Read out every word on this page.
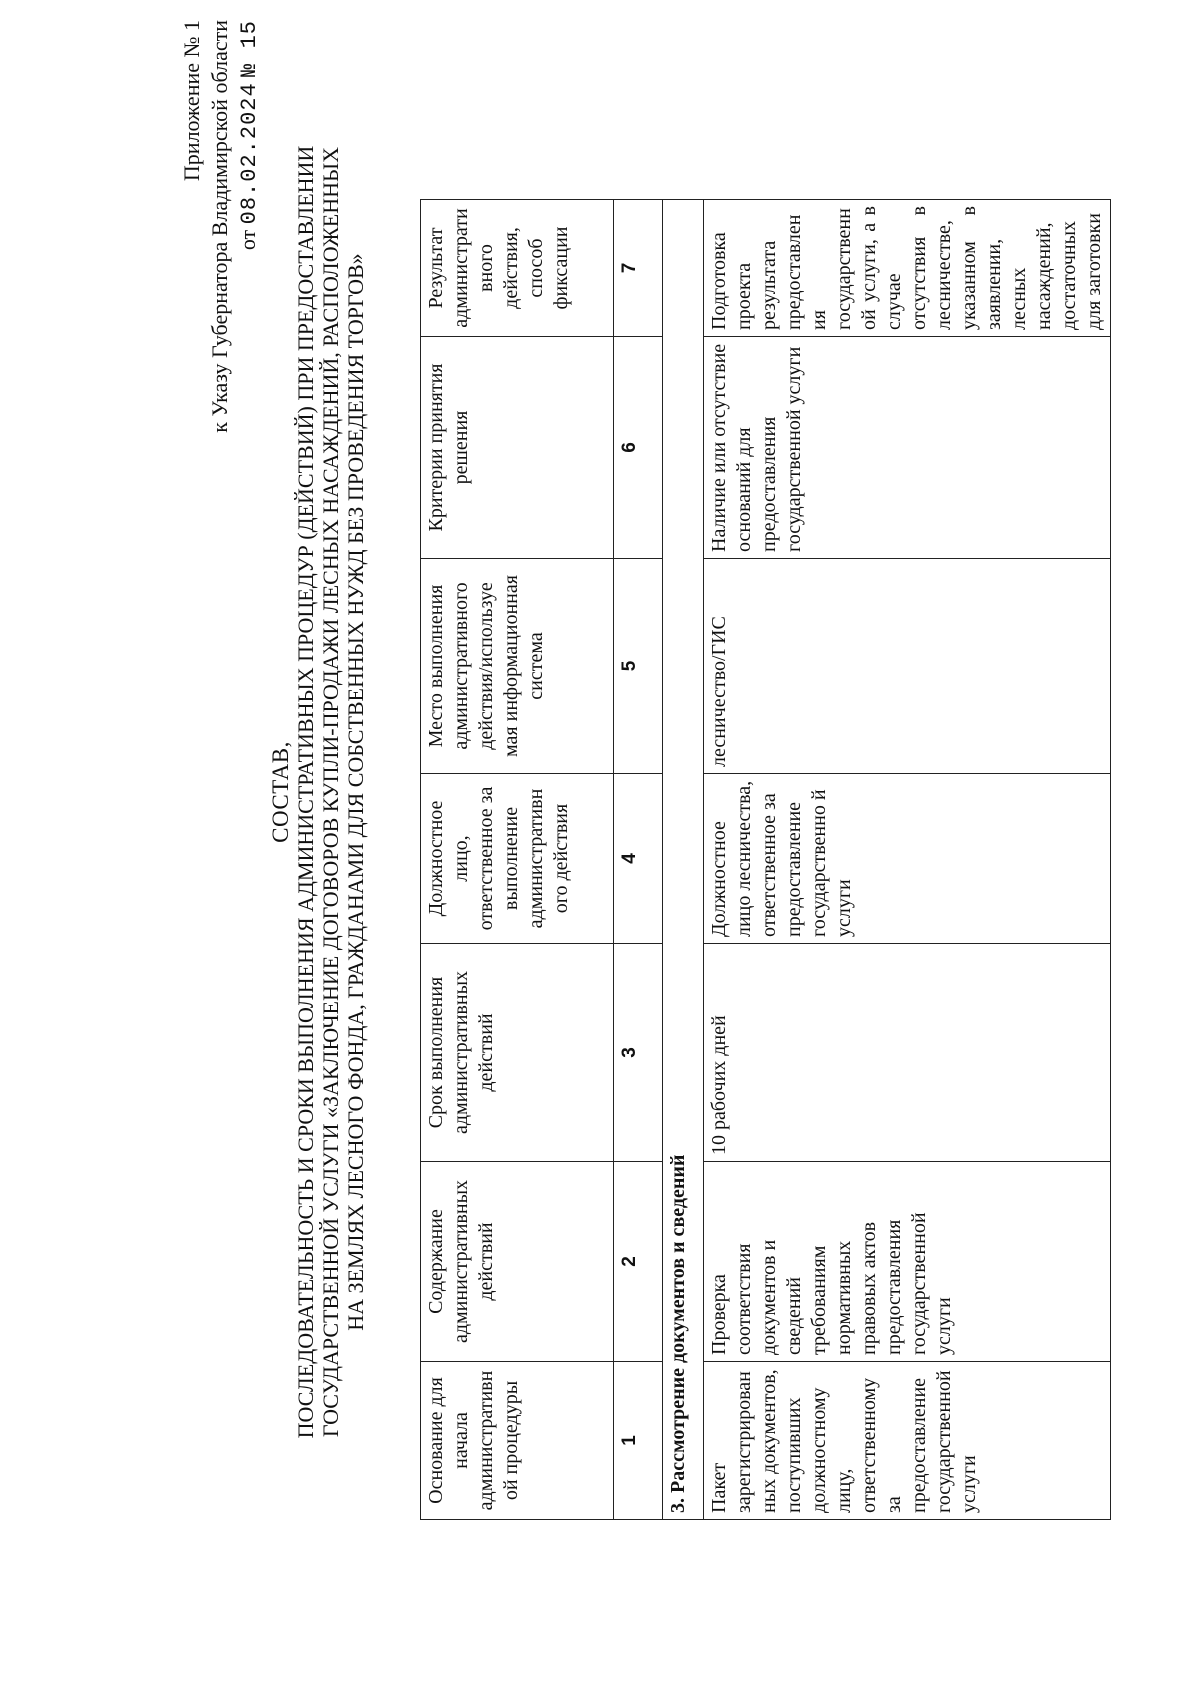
Приложение № 1 к Указу Губернатора Владимирской области от 08.02.2024 № 15
СОСТАВ, ПОСЛЕДОВАТЕЛЬНОСТЬ И СРОКИ ВЫПОЛНЕНИЯ АДМИНИСТРАТИВНЫХ ПРОЦЕДУР (ДЕЙСТВИЙ) ПРИ ПРЕДОСТАВЛЕНИИ ГОСУДАРСТВЕННОЙ УСЛУГИ «ЗАКЛЮЧЕНИЕ ДОГОВОРОВ КУПЛИ-ПРОДАЖИ ЛЕСНЫХ НАСАЖДЕНИЙ, РАСПОЛОЖЕННЫХ НА ЗЕМЛЯХ ЛЕСНОГО ФОНДА, ГРАЖДАНАМИ ДЛЯ СОБСТВЕННЫХ НУЖД БЕЗ ПРОВЕДЕНИЯ ТОРГОВ»
Основание для начала административн ой процедуры	Содержание административных действий	Срок выполнения административных действий	Должностное лицо, ответственное за выполнение административн ого действия	Место выполнения административного действия/используе мая информационная система	Критерии принятия решения	Результат административного действия, способ фиксации
1	2	3	4	5	6	7
3. Рассмотрение документов и сведений						
Пакет зарегистрирован ных документов, поступивших должностному лицу, ответственному за предоставление государственной услуги	Проверка соответствия документов и сведений требованиям нормативных правовых актов предоставления государственной услуги	10 рабочих дней	Должностное лицо лесничества, ответственное за предоставление государственно й услуги	лесничество/ГИС	Наличие или отсутствие оснований для предоставления государственной услуги	Подготовка проекта результата предоставления государственной услуги, а в случае отсутствия в лесничестве, указанном в заявлении, лесных насаждений, достаточных для заготовки
